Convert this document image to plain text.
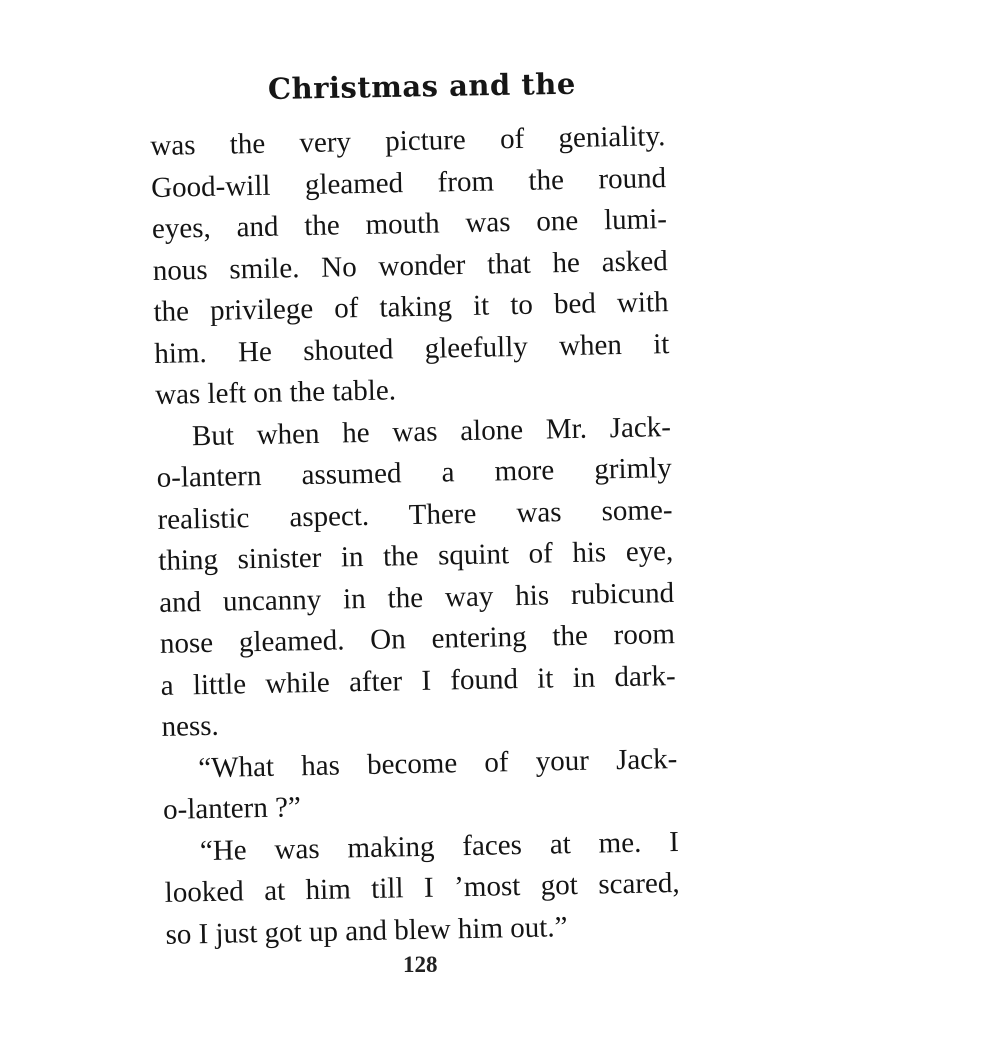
Christmas and the
was the very picture of geniality.
Good-will gleamed from the round
eyes, and the mouth was one lumi-
nous smile. No wonder that he asked
the privilege of taking it to bed with
him. He shouted gleefully when it
was left on the table.
But when he was alone Mr. Jack-
o-lantern assumed a more grimly
realistic aspect. There was some-
thing sinister in the squint of his eye,
and uncanny in the way his rubicund
nose gleamed. On entering the room
a little while after I found it in dark-
ness.
“What has become of your Jack-
o-lantern ?”
“He was making faces at me. I
looked at him till I ’most got scared,
so I just got up and blew him out.”
128
